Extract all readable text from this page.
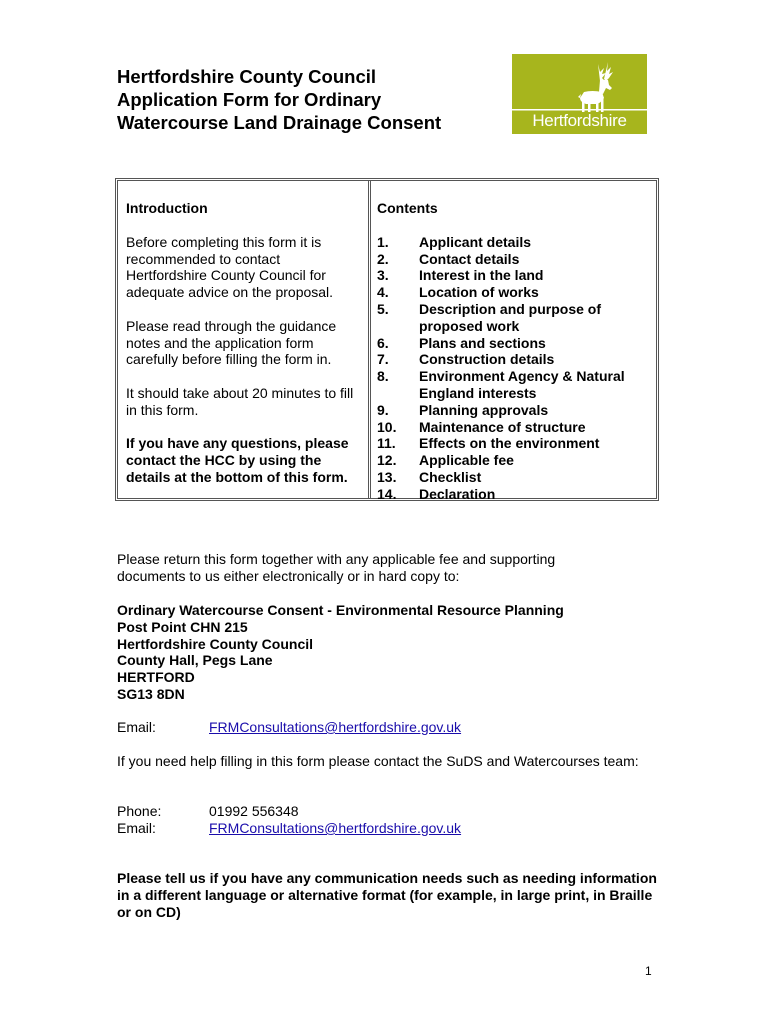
Hertfordshire County Council
Application Form for Ordinary
Watercourse Land Drainage Consent	Hertfordshire
Introduction

Before completing this form it is recommended to contact Hertfordshire County Council for adequate advice on the proposal.

Please read through the guidance notes and the application form carefully before filling the form in.

It should take about 20 minutes to fill in this form.

If you have any questions, please contact the HCC by using the details at the bottom of this form.

Contents
1.	Applicant details
2.	Contact details
3.	Interest in the land
4.	Location of works
5.	Description and purpose of proposed work
6.	Plans and sections
7.	Construction details
8.	Environment Agency & Natural England interests
9.	Planning approvals
10.	Maintenance of structure
11.	Effects on the environment
12.	Applicable fee
13.	Checklist
14.	Declaration
Please return this form together with any applicable fee and supporting documents to us either electronically or in hard copy to:
Ordinary Watercourse Consent - Environmental Resource Planning
Post Point CHN 215
Hertfordshire County Council
County Hall, Pegs Lane
HERTFORD
SG13 8DN
Email:	FRMConsultations@hertfordshire.gov.uk
If you need help filling in this form please contact the SuDS and Watercourses team:
Phone:	01992 556348
Email:	FRMConsultations@hertfordshire.gov.uk
Please tell us if you have any communication needs such as needing information in a different language or alternative format (for example, in large print, in Braille or on CD)
1
